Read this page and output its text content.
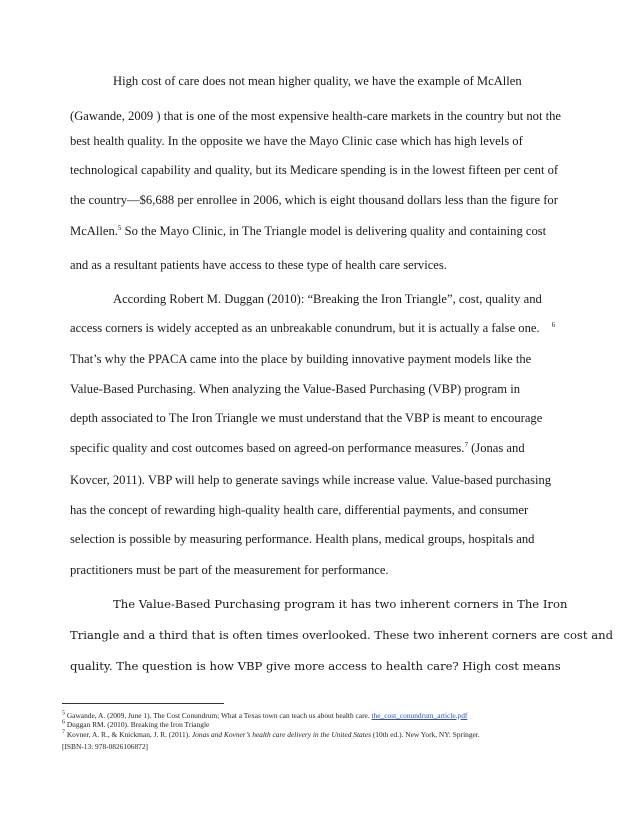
High cost of care does not mean higher quality, we have the example of McAllen
(Gawande, 2009 ) that is one of the most expensive health-care markets in the country but not the
best health quality. In the opposite we have the Mayo Clinic case which has high levels of
technological capability and quality, but its Medicare spending is in the lowest fifteen per cent of
the country—$6,688 per enrollee in 2006, which is eight thousand dollars less than the figure for
McAllen.$^5$ So the Mayo Clinic, in The Triangle model is delivering quality and containing cost
and as a resultant patients have access to these type of health care services.
According Robert M. Duggan (2010): “Breaking the Iron Triangle”, cost, quality and
access corners is widely accepted as an unbreakable conundrum, but it is actually a false one. $^6$
That’s why the PPACA came into the place by building innovative payment models like the
Value-Based Purchasing. When analyzing the Value-Based Purchasing (VBP) program in
depth associated to The Iron Triangle we must understand that the VBP is meant to encourage
specific quality and cost outcomes based on agreed-on performance measures.$^7$ (Jonas and
Kovcer, 2011). VBP will help to generate savings while increase value. Value-based purchasing
has the concept of rewarding high-quality health care, differential payments, and consumer
selection is possible by measuring performance. Health plans, medical groups, hospitals and
practitioners must be part of the measurement for performance.
The Value-Based Purchasing program it has two inherent corners in The Iron
Triangle and a third that is often times overlooked. These two inherent corners are cost and
quality. The question is how VBP give more access to health care? High cost means
$^5$ Gawande, A. (2009, June 1). The Cost Conundrum; What a Texas town can teach us about health care. the_cost_conundrum_article.pdf
$^6$ Duggan RM. (2010). Breaking the Iron Triangle
$^7$ Kovner, A. R., & Knickman, J. R. (2011). Jonas and Kovner’s health care delivery in the United States (10th ed.). New York, NY: Springer.
[ISBN-13: 978-0826106872]
